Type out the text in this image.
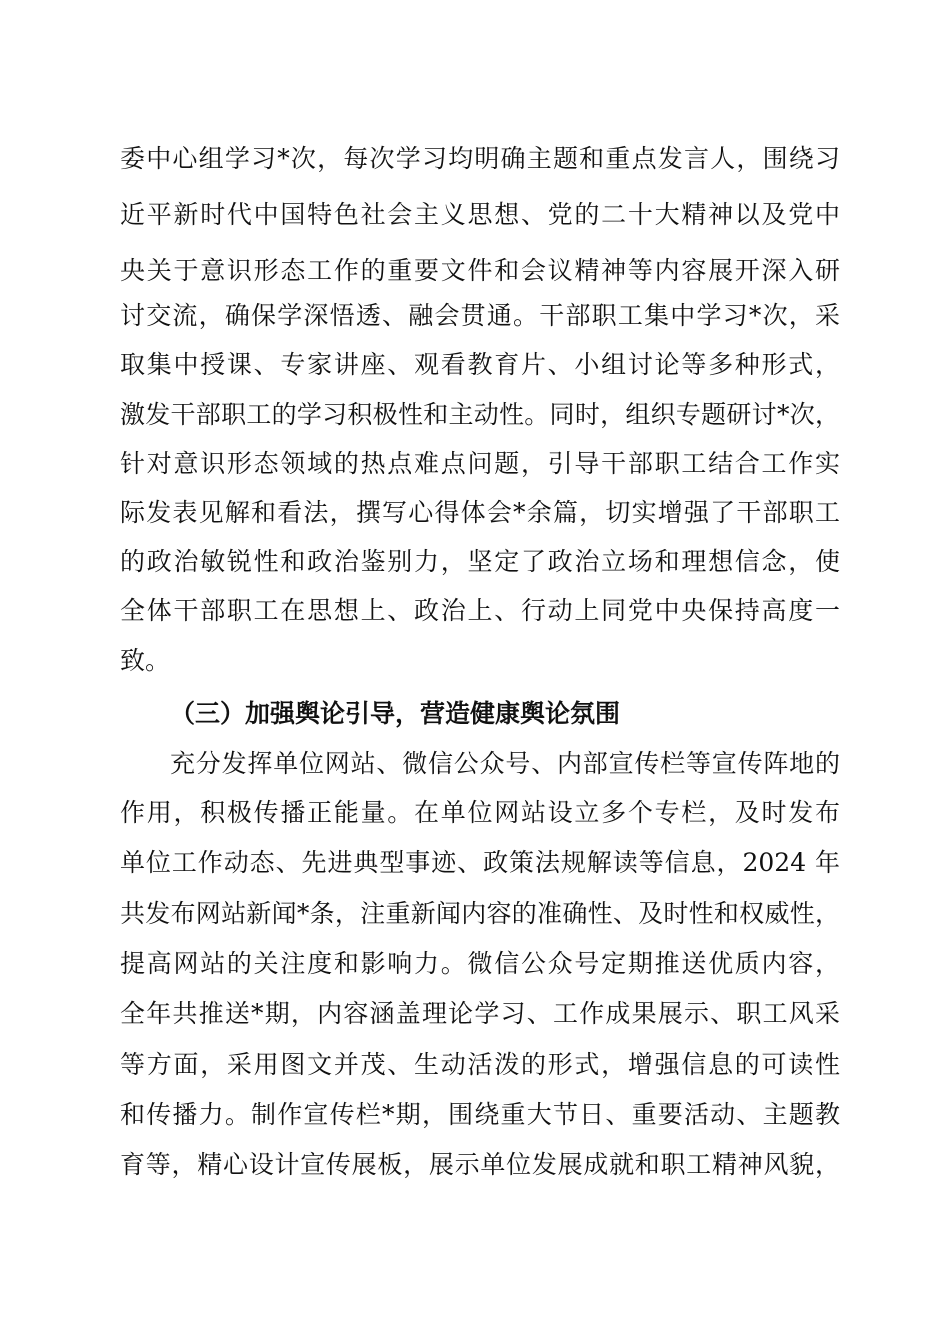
委中心组学习*次，每次学习均明确主题和重点发言人，围绕习
近平新时代中国特色社会主义思想、党的二十大精神以及党中
央关于意识形态工作的重要文件和会议精神等内容展开深入研
讨交流，确保学深悟透、融会贯通。干部职工集中学习*次，采
取集中授课、专家讲座、观看教育片、小组讨论等多种形式，
激发干部职工的学习积极性和主动性。同时，组织专题研讨*次，
针对意识形态领域的热点难点问题，引导干部职工结合工作实
际发表见解和看法，撰写心得体会*余篇，切实增强了干部职工
的政治敏锐性和政治鉴别力，坚定了政治立场和理想信念，使
全体干部职工在思想上、政治上、行动上同党中央保持高度一
致。
（三）加强舆论引导，营造健康舆论氛围
充分发挥单位网站、微信公众号、内部宣传栏等宣传阵地的
作用，积极传播正能量。在单位网站设立多个专栏，及时发布
单位工作动态、先进典型事迹、政策法规解读等信息，2024 年
共发布网站新闻*条，注重新闻内容的准确性、及时性和权威性，
提高网站的关注度和影响力。微信公众号定期推送优质内容，
全年共推送*期，内容涵盖理论学习、工作成果展示、职工风采
等方面，采用图文并茂、生动活泼的形式，增强信息的可读性
和传播力。制作宣传栏*期，围绕重大节日、重要活动、主题教
育等，精心设计宣传展板，展示单位发展成就和职工精神风貌，
